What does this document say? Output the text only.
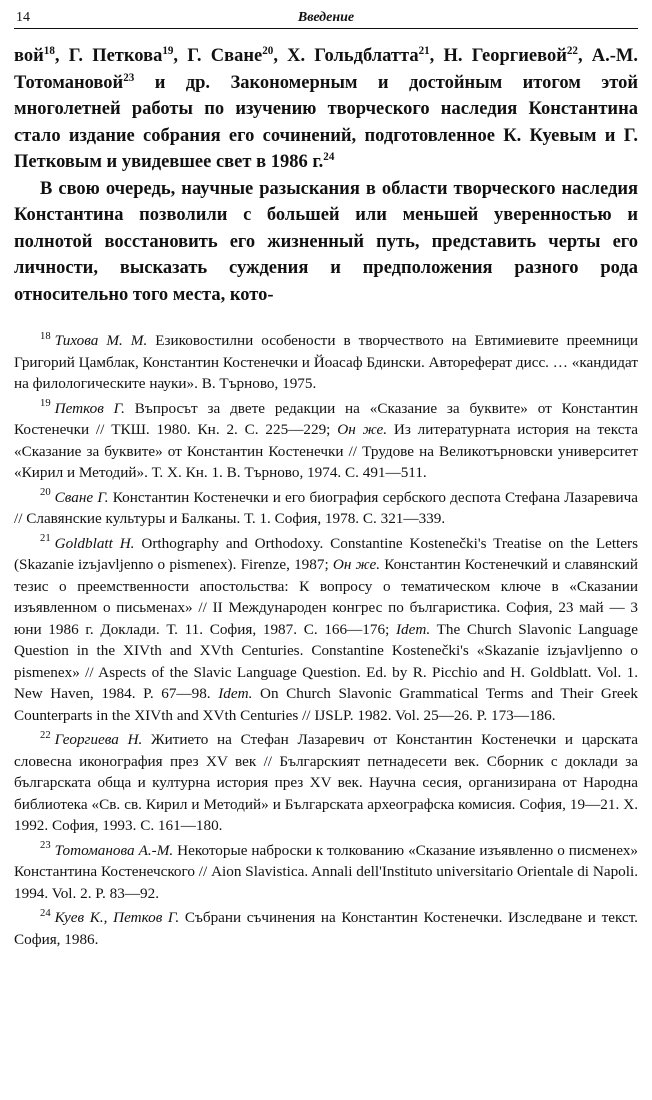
14	Введение

вой$^{18}$, Г. Петкова$^{19}$, Г. Сване$^{20}$, Х. Гольдблатта$^{21}$, Н. Георгиевой$^{22}$, А.-М. Тотомановой$^{23}$ и др. Закономерным и достойным итогом этой многолетней работы по изучению творческого наследия Константина стало издание собрания его сочинений, подготовленное К. Куевым и Г. Петковым и увидевшее свет в 1986 г.$^{24}$

В свою очередь, научные разыскания в области творческого наследия Константина позволили с большей или меньшей уверенностью и полнотой восстановить его жизненный путь, представить черты его личности, высказать суждения и предположения разного рода относительно того места, кото-

$^{18}$ Тихова М. М. Езиковостилни особености в творчеството на Евтимиевите преемници Григорий Цамблак, Константин Костенечки и Йоасаф Бдински. Автореферат дисс. … «кандидат на филологическите науки». В. Търново, 1975.

$^{19}$ Петков Г. Въпросът за двете редакции на «Сказание за буквите» от Константин Костенечки // ТКШ. 1980. Кн. 2. С. 225—229; Он же. Из литературната история на текста «Сказание за буквите» от Константин Костенечки // Трудове на Великотърновски университет «Кирил и Методий». Т. Х. Кн. 1. В. Търново, 1974. С. 491—511.

$^{20}$ Сване Г. Константин Костенечки и его биография сербского деспота Стефана Лазаревича // Славянские культуры и Балканы. Т. 1. София, 1978. С. 321—339.

$^{21}$ Goldblatt H. Orthography and Orthodoxy. Constantine Kostenečki's Treatise on the Letters (Skazanie izъjavljenno o pismenex). Firenze, 1987; Он же. Константин Костенечкий и славянский тезис о преемственности апостольства: К вопросу о тематическом ключе в «Сказании изъявленном о письменах» // II Международен конгрес по българистика. София, 23 май — 3 юни 1986 г. Доклади. Т. 11. София, 1987. С. 166—176; Idem. The Church Slavonic Language Question in the XIVth and XVth Centuries. Constantine Kostenečki's «Skazanie izъjavljenno o pismenex» // Aspects of the Slavic Language Question. Ed. by R. Picchio and H. Goldblatt. Vol. 1. New Haven, 1984. P. 67—98. Idem. On Church Slavonic Grammatical Terms and Their Greek Counterparts in the XIVth and XVth Centuries // IJSLP. 1982. Vol. 25—26. P. 173—186.

$^{22}$ Георгиева Н. Житието на Стефан Лазаревич от Константин Костенечки и царската словесна иконография през XV век // Българският петнадесети век. Сборник с доклади за българската обща и културна история през XV век. Научна сесия, организирана от Народна библиотека «Св. св. Кирил и Методий» и Българската археографска комисия. София, 19—21. Х. 1992. София, 1993. С. 161—180.

$^{23}$ Тотоманова А.-М. Некоторые наброски к толкованию «Сказание изъявленно о писменех» Константина Костенечского // Aion Slavistica. Annali dell'Instituto universitario Orientale di Napoli. 1994. Vol. 2. P. 83—92.

$^{24}$ Куев К., Петков Г. Събрани съчинения на Константин Костенечки. Изследване и текст. София, 1986.
